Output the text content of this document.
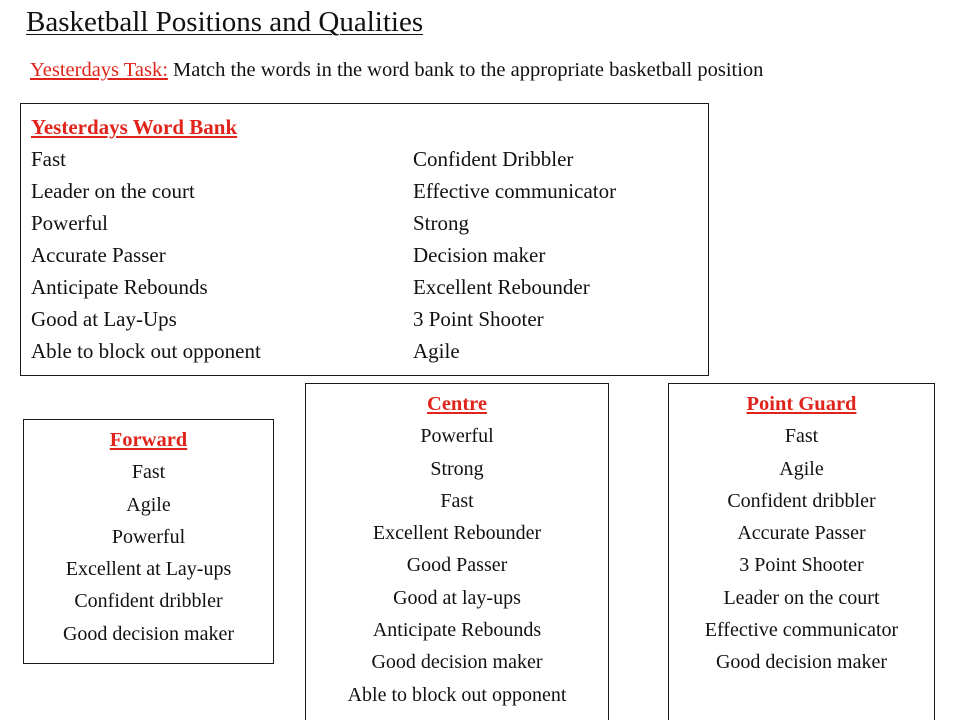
Basketball Positions and Qualities
Yesterdays Task: Match the words in the word bank to the appropriate basketball position
Yesterdays Word Bank
Fast
Leader on the court
Powerful
Accurate Passer
Anticipate Rebounds
Good at Lay-Ups
Able to block out opponent
Confident Dribbler
Effective communicator
Strong
Decision maker
Excellent Rebounder
3 Point Shooter
Agile
Forward
Fast
Agile
Powerful
Excellent at Lay-ups
Confident dribbler
Good decision maker
Centre
Powerful
Strong
Fast
Excellent Rebounder
Good Passer
Good at lay-ups
Anticipate Rebounds
Good decision maker
Able to block out opponent
Point Guard
Fast
Agile
Confident dribbler
Accurate Passer
3 Point Shooter
Leader on the court
Effective communicator
Good decision maker
